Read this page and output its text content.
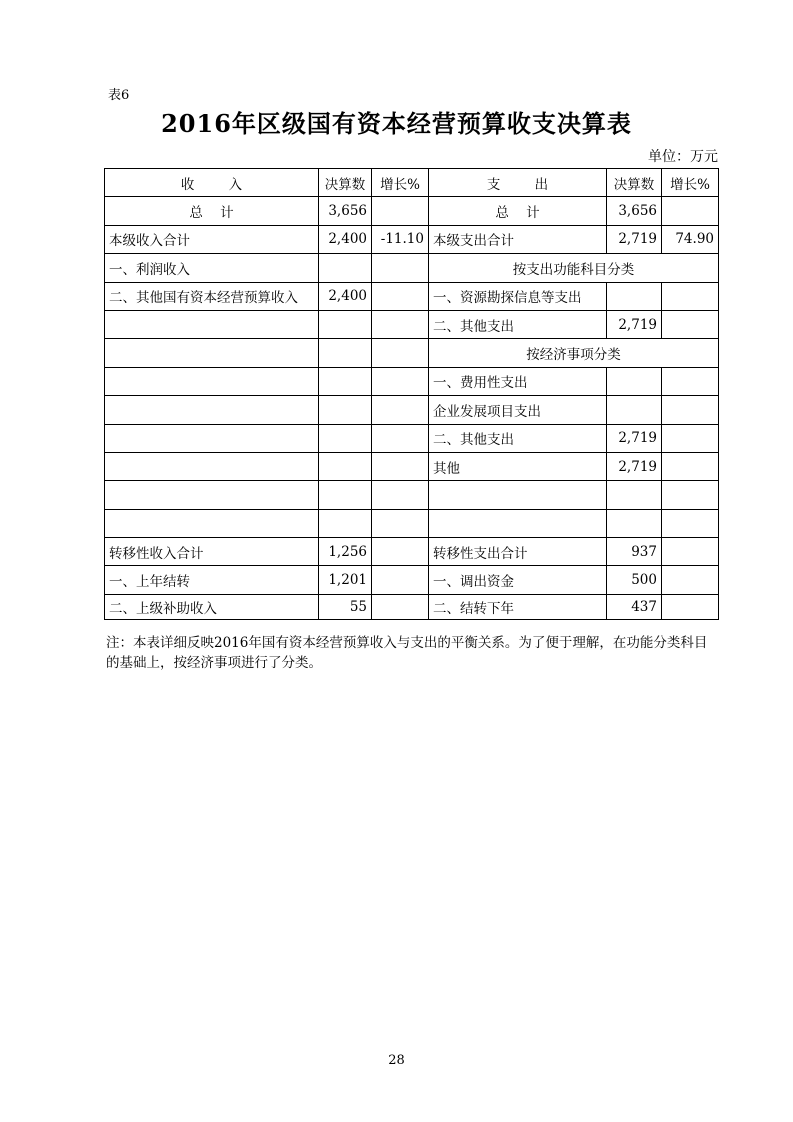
表6
2016年区级国有资本经营预算收支决算表
单位：万元
收        入	决算数	增长%	支        出	决算数	增长%
总    计	3,656		总    计	3,656	
本级收入合计	2,400	-11.10	本级支出合计	2,719	74.90
一、利润收入			按支出功能科目分类		
二、其他国有资本经营预算收入	2,400		一、资源勘探信息等支出		
			二、其他支出	2,719	
			按经济事项分类		
			一、费用性支出		
			企业发展项目支出		
			二、其他支出	2,719	
			其他	2,719	

转移性收入合计	1,256		转移性支出合计	937	
一、上年结转	1,201		一、调出资金	500	
二、上级补助收入	55		二、结转下年	437	
注：本表详细反映2016年国有资本经营预算收入与支出的平衡关系。为了便于理解，在功能分类科目的基础上，按经济事项进行了分类。
28
